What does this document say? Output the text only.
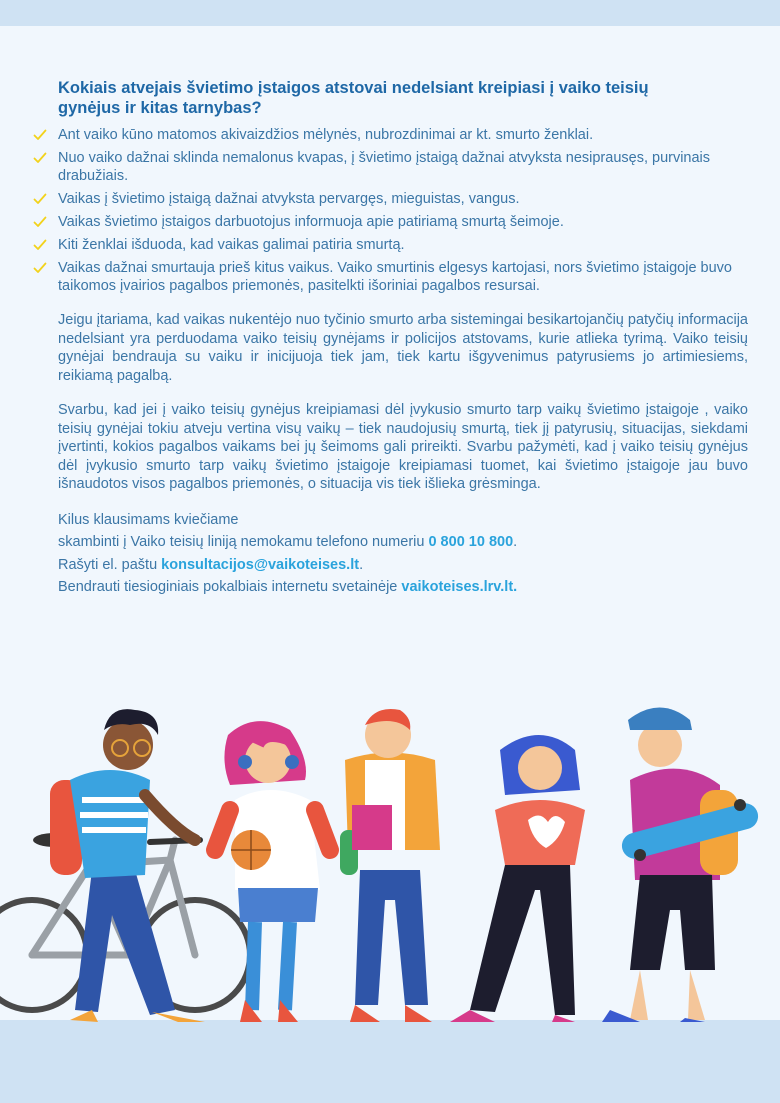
Kokiais atvejais švietimo įstaigos atstovai nedelsiant kreipiasi į vaiko teisių gynėjus ir kitas tarnybas?
Ant vaiko kūno matomos akivaizdžios mėlynės, nubrozdinimai ar kt. smurto ženklai.
Nuo vaiko dažnai sklinda nemalonus kvapas, į švietimo įstaigą dažnai atvyksta nesiprausęs, purvinais drabužiais.
Vaikas į švietimo įstaigą dažnai atvyksta pervargęs, mieguistas, vangus.
Vaikas švietimo įstaigos darbuotojus informuoja apie patiriamą smurtą šeimoje.
Kiti ženklai išduoda, kad vaikas galimai patiria smurtą.
Vaikas dažnai smurtauja prieš kitus vaikus. Vaiko smurtinis elgesys kartojasi, nors švietimo įstaigoje buvo taikomos įvairios pagalbos priemonės, pasitelkti išoriniai pagalbos resursai.

Jeigu įtariama, kad vaikas nukentėjo nuo tyčinio smurto arba sistemingai besikartojančių patyčių informacija nedelsiant yra perduodama vaiko teisių gynėjams ir policijos atstovams, kurie atlieka tyrimą. Vaiko teisių gynėjai bendrauja su vaiku ir inicijuoja tiek jam, tiek kartu išgyvenimus patyrusiems jo artimiesiems, reikiamą pagalbą.

Svarbu, kad jei į vaiko teisių gynėjus kreipiamasi dėl įvykusio smurto tarp vaikų švietimo įstaigoje , vaiko teisių gynėjai tokiu atveju vertina visų vaikų – tiek naudojusių smurtą, tiek jį patyrusių, situacijas, siekdami įvertinti, kokios pagalbos vaikams bei jų šeimoms gali prireikti. Svarbu pažymėti, kad į vaiko teisių gynėjus dėl įvykusio smurto tarp vaikų švietimo įstaigoje kreipiamasi tuomet, kai švietimo įstaigoje jau buvo išnaudotos visos pagalbos priemonės, o situacija vis tiek išlieka grėsminga.

Kilus klausimams kviečiame
skambinti į Vaiko teisių liniją nemokamu telefono numeriu 0 800 10 800.
Rašyti el. paštu konsultacijos@vaikoteises.lt.
Bendrauti tiesioginiais pokalbiais internetu svetainėje vaikoteises.lrv.lt.
